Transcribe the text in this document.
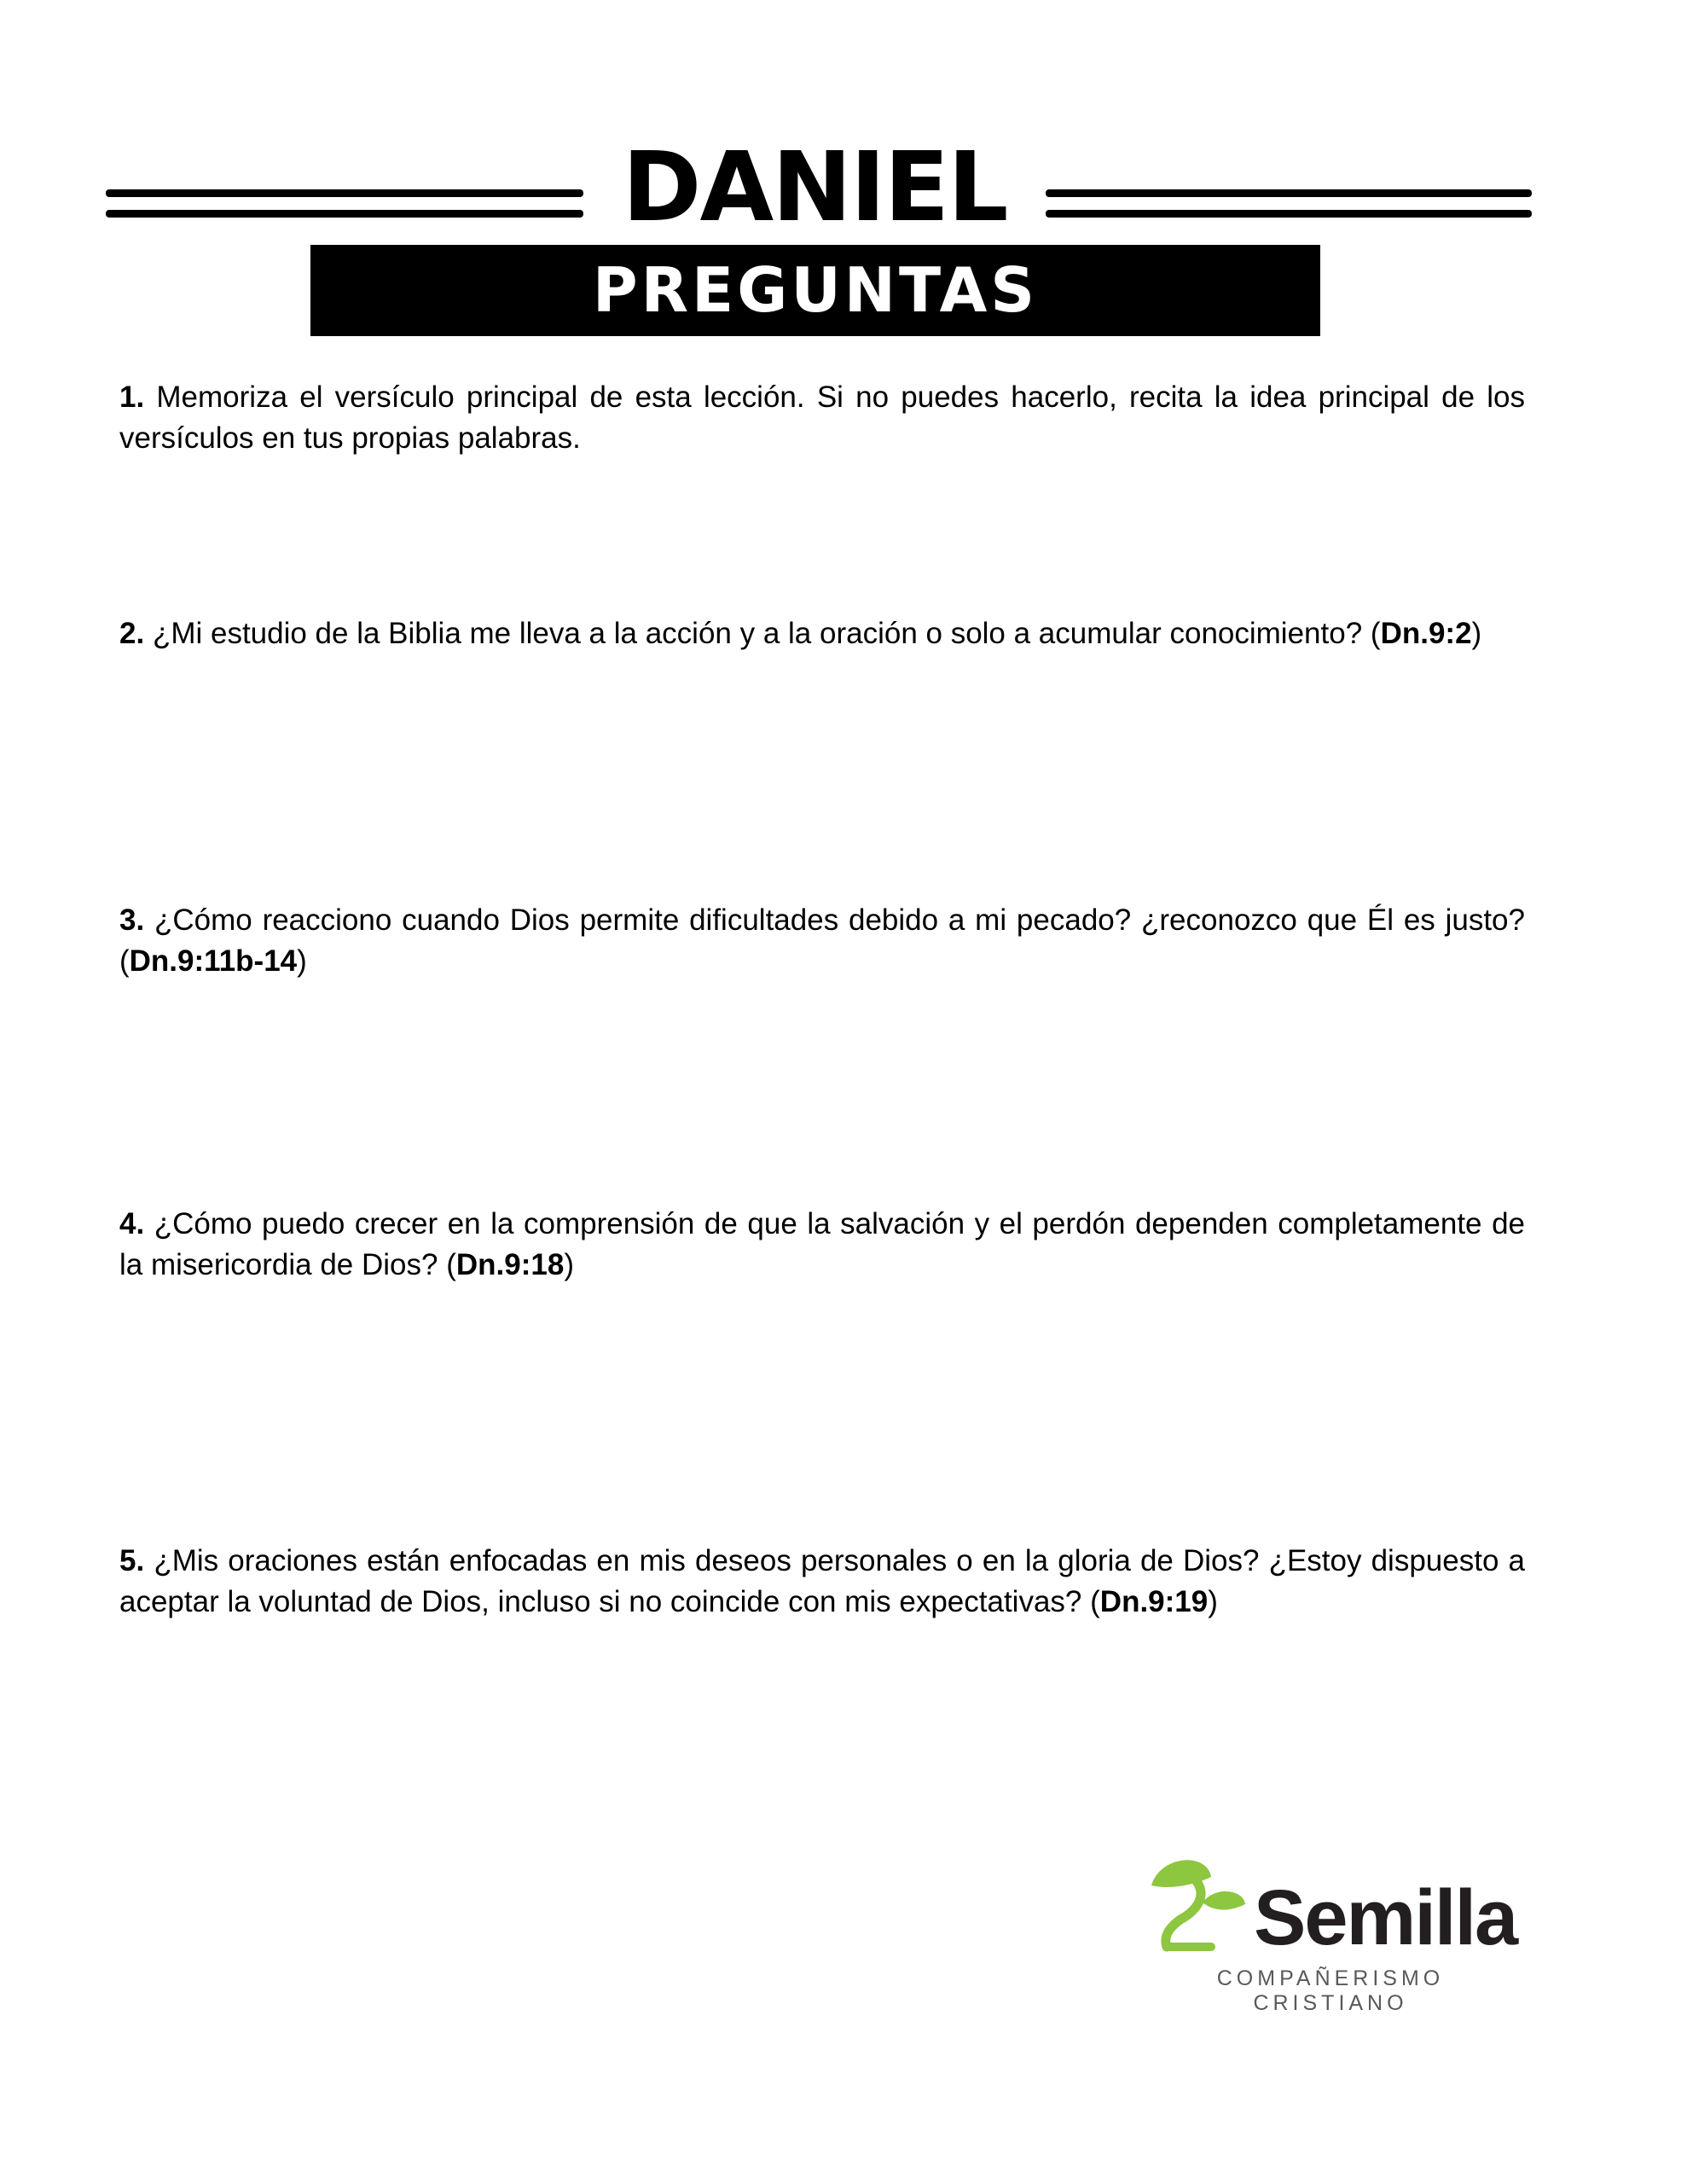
DANIEL
PREGUNTAS
1. Memoriza el versículo principal de esta lección. Si no puedes hacerlo, recita la idea principal de los versículos en tus propias palabras.
2. ¿Mi estudio de la Biblia me lleva a la acción y a la oración o solo a acumular conocimiento? (Dn.9:2)
3. ¿Cómo reacciono cuando Dios permite dificultades debido a mi pecado? ¿reconozco que Él es justo? (Dn.9:11b-14)
4. ¿Cómo puedo crecer en la comprensión de que la salvación y el perdón dependen completamente de la misericordia de Dios? (Dn.9:18)
5. ¿Mis oraciones están enfocadas en mis deseos personales o en la gloria de Dios? ¿Estoy dispuesto a aceptar la voluntad de Dios, incluso si no coincide con mis expectativas? (Dn.9:19)
Semilla
COMPAÑERISMO CRISTIANO
